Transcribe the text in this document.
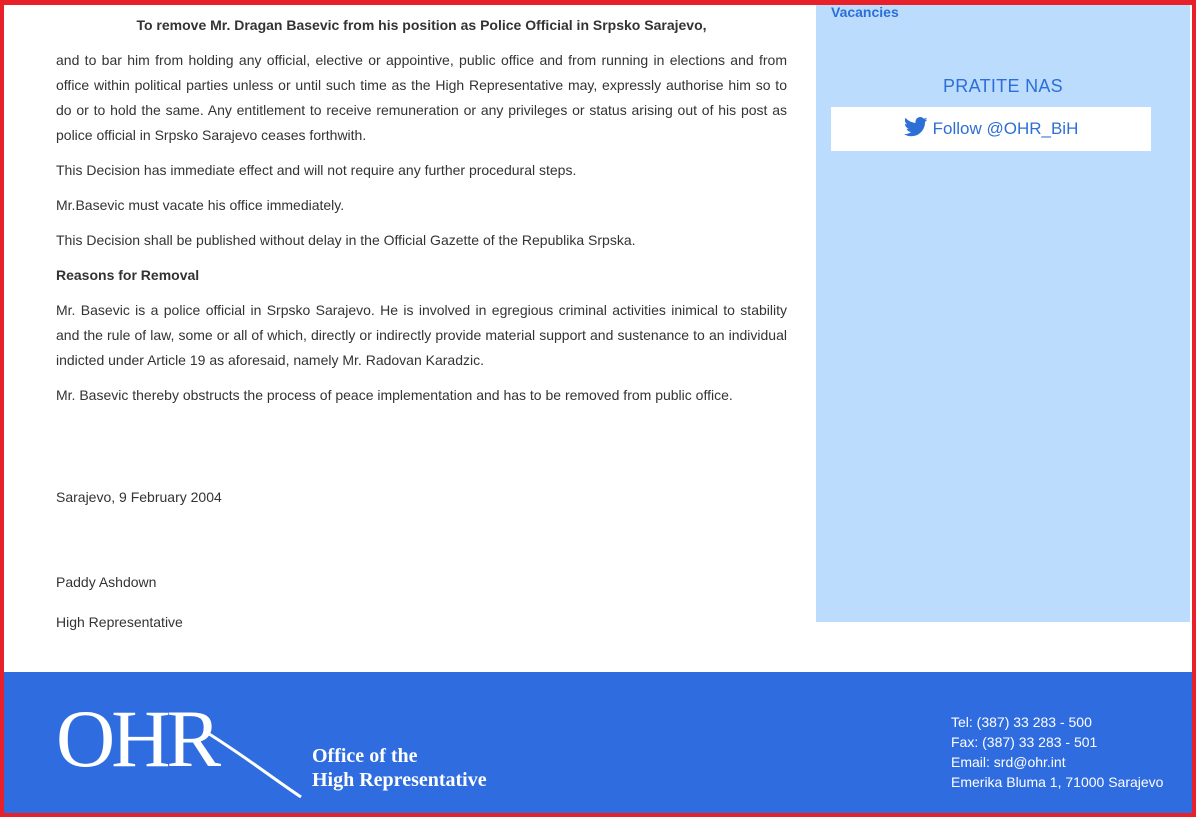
To remove Mr. Dragan Basevic from his position as Police Official in Srpsko Sarajevo,

and to bar him from holding any official, elective or appointive, public office and from running in elections and from office within political parties unless or until such time as the High Representative may, expressly authorise him so to do or to hold the same. Any entitlement to receive remuneration or any privileges or status arising out of his post as police official in Srpsko Sarajevo ceases forthwith.

This Decision has immediate effect and will not require any further procedural steps.

Mr.Basevic must vacate his office immediately.

This Decision shall be published without delay in the Official Gazette of the Republika Srpska.

Reasons for Removal

Mr. Basevic is a police official in Srpsko Sarajevo. He is involved in egregious criminal activities inimical to stability and the rule of law, some or all of which, directly or indirectly provide material support and sustenance to an individual indicted under Article 19 as aforesaid, namely Mr. Radovan Karadzic.

Mr. Basevic thereby obstructs the process of peace implementation and has to be removed from public office.

Sarajevo, 9 February 2004
Paddy Ashdown
High Representative
Vacancies
PRATITE NAS
Follow @OHR_BiH
OHR	Office of the
High Representative
Tel: (387) 33 283 - 500
Fax: (387) 33 283 - 501
Email: srd@ohr.int
Emerika Bluma 1, 71000 Sarajevo
